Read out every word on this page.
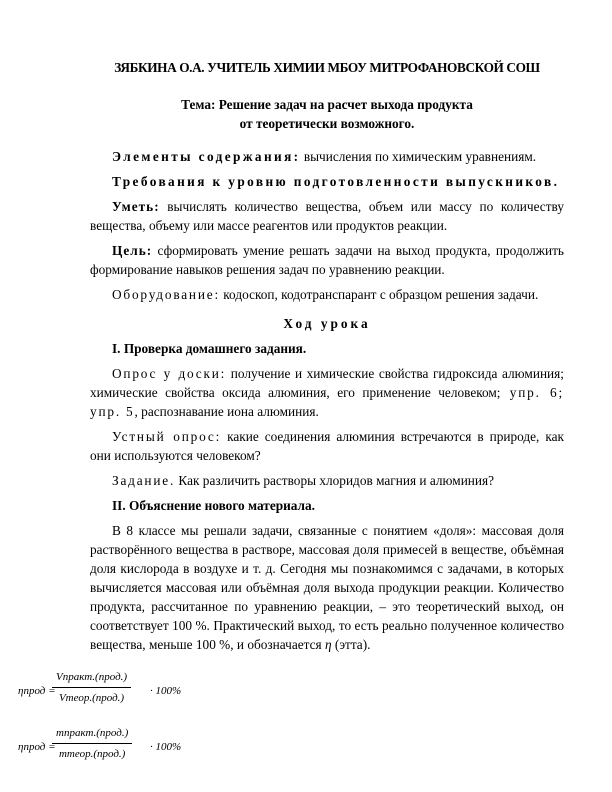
ЗЯБКИНА О.А. УЧИТЕЛЬ ХИМИИ МБОУ МИТРОФАНОВСКОЙ СОШ
Тема: Решение задач на расчет выхода продукта
от теоретически возможного.

Элементы содержания: вычисления по химическим уравнениям.

Требования к уровню подготовленности выпускников.

Уметь: вычислять количество вещества, объем или массу по количеству вещества, объему или массе реагентов или продуктов реакции.

Цель: сформировать умение решать задачи на выход продукта, продолжить формирование навыков решения задач по уравнению реакции.

Оборудование: кодоскоп, кодотранспарант с образцом решения задачи.

Ход урока

I. Проверка домашнего задания.

Опрос у доски: получение и химические свойства гидроксида алюминия; химические свойства оксида алюминия, его применение человеком; упр. 6; упр. 5, распознавание иона алюминия.

Устный опрос: какие соединения алюминия встречаются в природе, как они используются человеком?

Задание. Как различить растворы хлоридов магния и алюминия?

II. Объяснение нового материала.

В 8 классе мы решали задачи, связанные с понятием «доля»: массовая доля растворённого вещества в растворе, массовая доля примесей в веществе, объёмная доля кислорода в воздухе и т. д. Сегодня мы познакомимся с задачами, в которых вычисляется массовая или объёмная доля выхода продукции реакции. Количество продукта, рассчитанное по уравнению реакции, – это теоретический выход, он соответствует 100 %. Практический выход, то есть реально полученное количество вещества, меньше 100 %, и обозначается η (этта).

ηпрод =
Vпракт.(прод.)
Vтеор.(прод.)
· 100%
ηпрод =
mпракт.(прод.)
mтеор.(прод.)
· 100%
